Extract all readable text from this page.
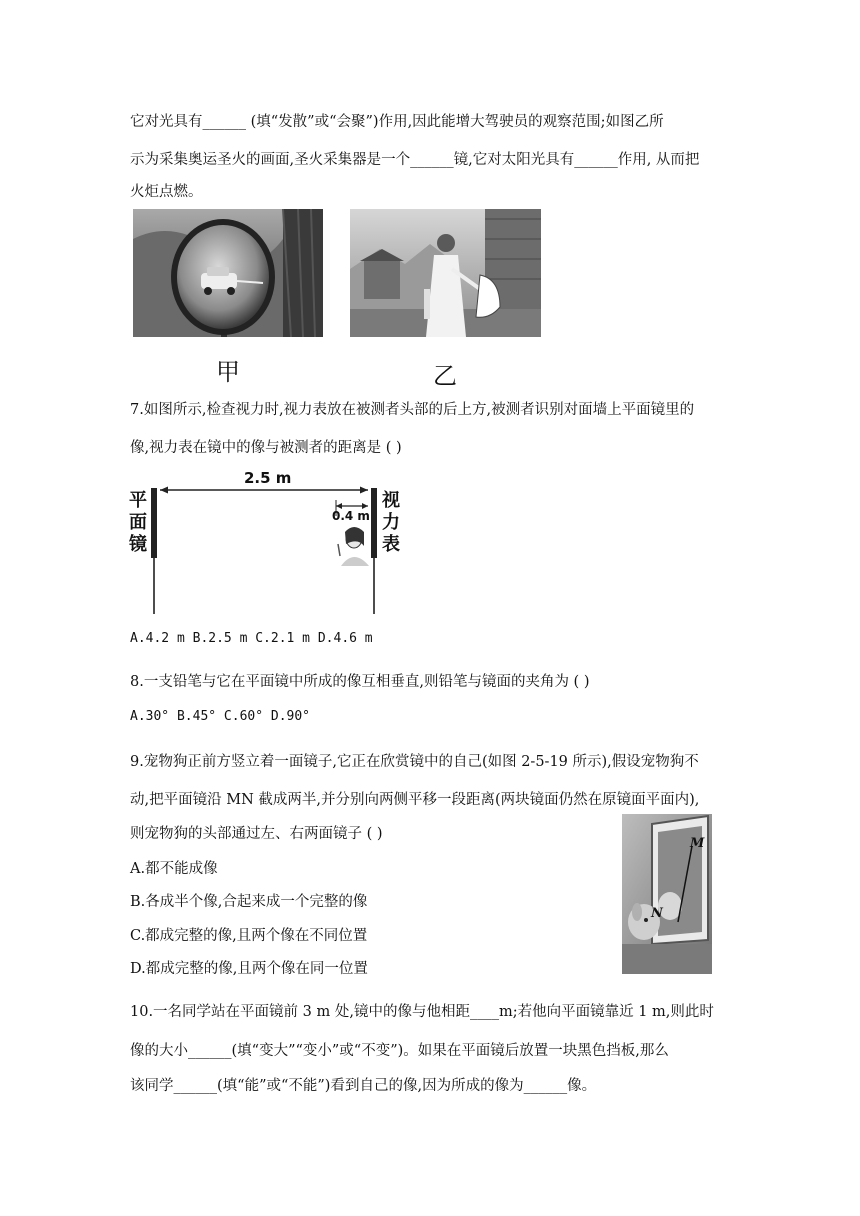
它对光具有______ (填“发散”或“会聚”)作用,因此能增大驾驶员的观察范围;如图乙所
示为采集奥运圣火的画面,圣火采集器是一个______镜,它对太阳光具有______作用, 从而把
火炬点燃。
甲	乙
7.如图所示,检查视力时,视力表放在被测者头部的后上方,被测者识别对面墙上平面镜里的
像,视力表在镜中的像与被测者的距离是 ( )
2.5 m
0.4 m
平
面
镜
视
力
表
A.4.2 m B.2.5 m C.2.1 m D.4.6 m
8.一支铅笔与它在平面镜中所成的像互相垂直,则铅笔与镜面的夹角为 ( )
A.30° B.45° C.60° D.90°
9.宠物狗正前方竖立着一面镜子,它正在欣赏镜中的自己(如图 2-5-19 所示),假设宠物狗不
动,把平面镜沿 MN 截成两半,并分别向两侧平移一段距离(两块镜面仍然在原镜面平面内),
则宠物狗的头部通过左、右两面镜子 ( )
A.都不能成像
B.各成半个像,合起来成一个完整的像
C.都成完整的像,且两个像在不同位置
D.都成完整的像,且两个像在同一位置
M
N
10.一名同学站在平面镜前 3 m 处,镜中的像与他相距____m;若他向平面镜靠近 1 m,则此时
像的大小______(填“变大”“变小”或“不变”)。如果在平面镜后放置一块黑色挡板,那么
该同学______(填“能”或“不能”)看到自己的像,因为所成的像为______像。
